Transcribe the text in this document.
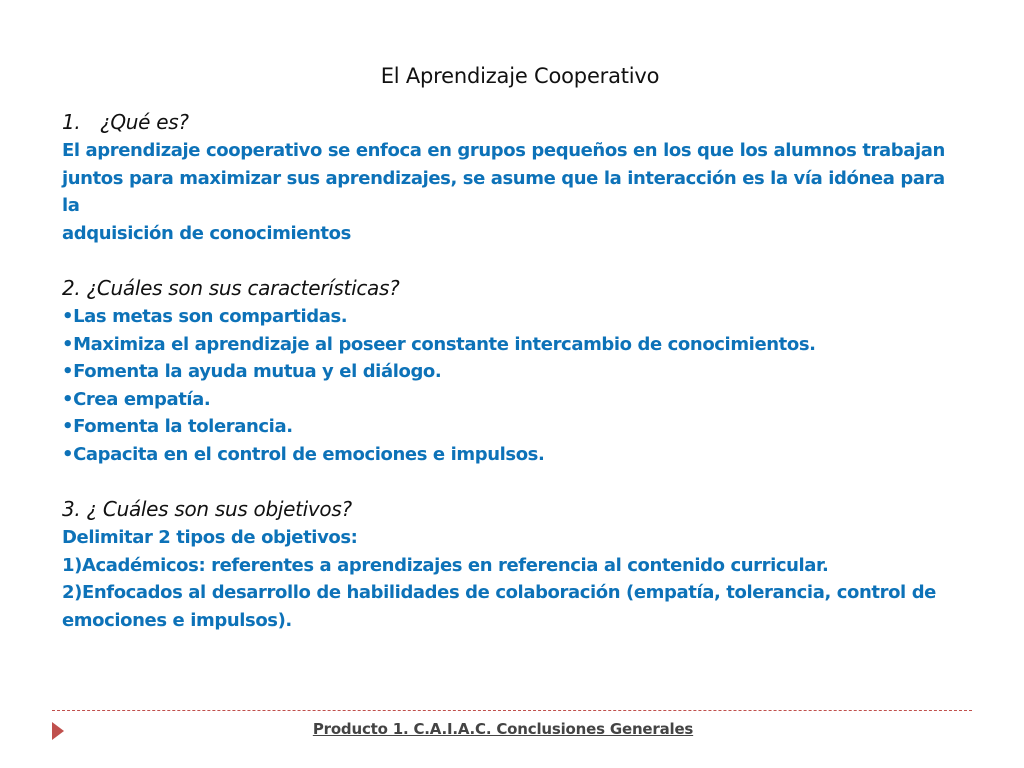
El Aprendizaje Cooperativo

1. ¿Qué es?

El aprendizaje cooperativo se enfoca en grupos pequeños en los que los alumnos trabajan

juntos para maximizar sus aprendizajes, se asume que la interacción es la vía idónea para la

adquisición de conocimientos

2. ¿Cuáles son sus características?

•Las metas son compartidas.
•Maximiza el aprendizaje al poseer constante intercambio de conocimientos.
•Fomenta la ayuda mutua y el diálogo.
•Crea empatía.
•Fomenta la tolerancia.
•Capacita en el control de emociones e impulsos.

3. ¿ Cuáles son sus objetivos?

Delimitar 2 tipos de objetivos:

1)Académicos: referentes a aprendizajes en referencia al contenido curricular.

2)Enfocados al desarrollo de habilidades de colaboración (empatía, tolerancia, control de

emociones e impulsos).

Producto 1. C.A.I.A.C. Conclusiones Generales
